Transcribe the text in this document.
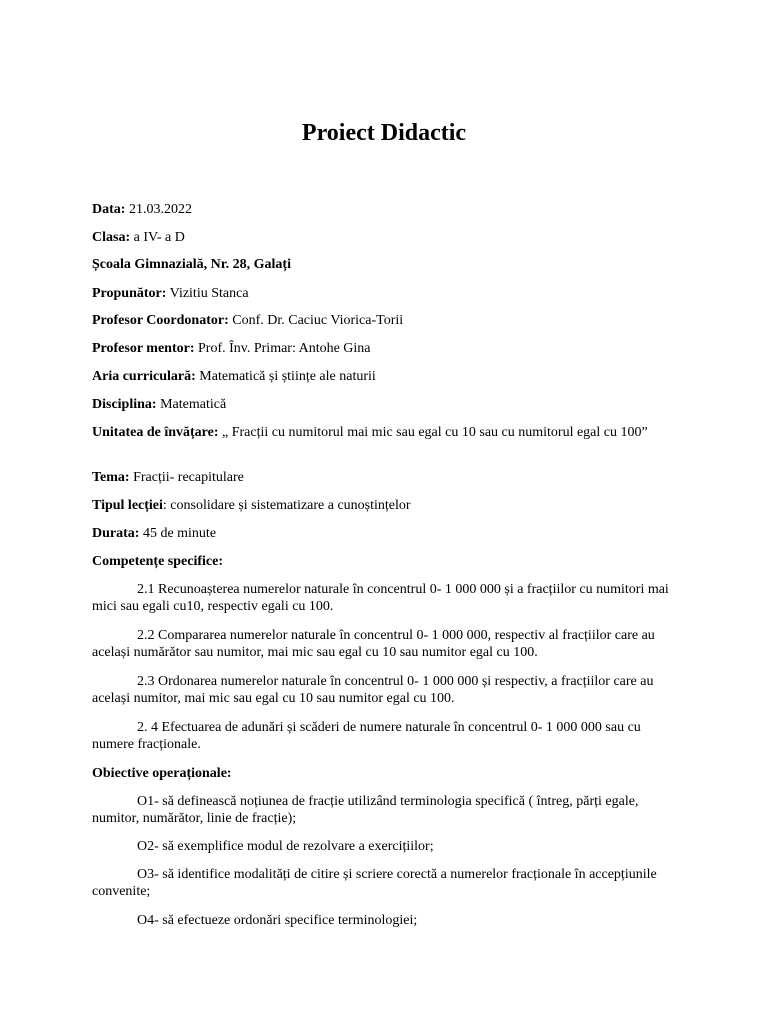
Proiect Didactic

Data: 21.03.2022

Clasa: a IV- a D

Școala Gimnazială, Nr. 28, Galați

Propunător: Vizitiu Stanca

Profesor Coordonator: Conf. Dr. Caciuc Viorica-Torii

Profesor mentor: Prof. Înv. Primar: Antohe Gina

Aria curriculară: Matematică și științe ale naturii

Disciplina: Matematică

Unitatea de învățare: „ Fracții cu numitorul mai mic sau egal cu 10 sau cu numitorul egal cu 100”

Tema: Fracții- recapitulare

Tipul lecției: consolidare și sistematizare a cunoștințelor

Durata: 45 de minute

Competențe specifice:

2.1 Recunoașterea numerelor naturale în concentrul 0- 1 000 000 și a fracțiilor cu numitori mai mici sau egali cu10, respectiv egali cu 100.

2.2 Compararea numerelor naturale în concentrul 0- 1 000 000, respectiv al fracțiilor care au același numărător sau numitor, mai mic sau egal cu 10 sau numitor egal cu 100.

2.3 Ordonarea numerelor naturale în concentrul 0- 1 000 000 și respectiv, a fracțiilor care au același numitor, mai mic sau egal cu 10 sau numitor egal cu 100.

2. 4 Efectuarea de adunări și scăderi de numere naturale în concentrul 0- 1 000 000 sau cu numere fracționale.

Obiective operaționale:

O1- să definească noțiunea de fracție utilizând terminologia specifică ( întreg, părți egale, numitor, numărător, linie de fracție);

O2- să exemplifice modul de rezolvare a exercițiilor;

O3- să identifice modalități de citire și scriere corectă a numerelor fracționale în accepțiunile convenite;

O4- să efectueze ordonări specifice terminologiei;
